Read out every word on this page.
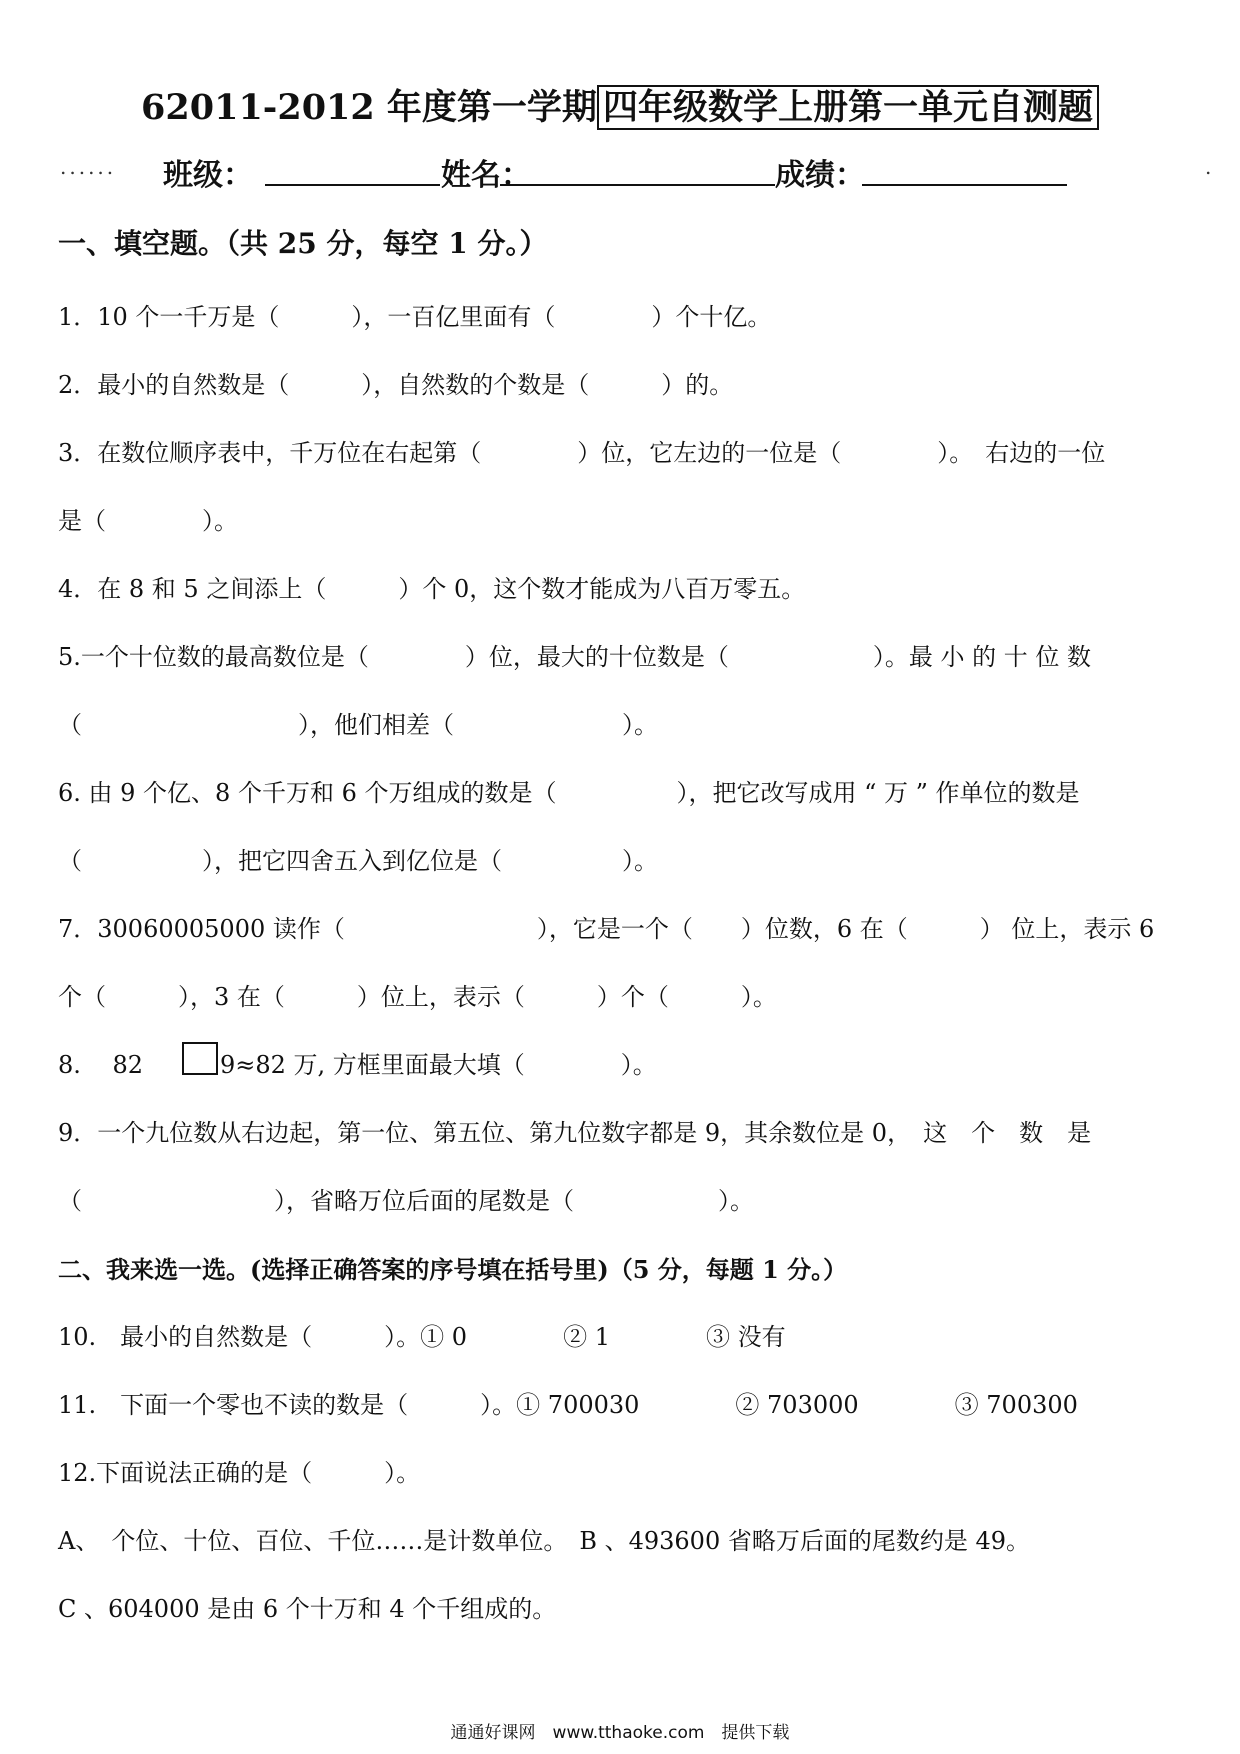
62011-2012 年度第一学期 四年级数学上册第一单元自测题
......	.
班级：	姓名：	成绩：
一、填空题。（共 25 分，每空 1 分。）
1．10 个一千万是（　　　），一百亿里面有（　　　　）个十亿。
2．最小的自然数是（　　　），自然数的个数是（　　　）的。
3．在数位顺序表中，千万位在右起第（　　　　）位，它左边的一位是（　　　　）。　右边的一位
是（　　　　）。
4．在 8 和 5 之间添上（　　　）个 0，这个数才能成为八百万零五。
5.一个十位数的最高数位是（　　　　）位，最大的十位数是（　　　　　　）。最 小 的 十 位 数
（　　　　　　　　　），他们相差（　　　　　　　）。
6. 由 9 个亿、8 个千万和 6 个万组成的数是（　　　　　），把它改写成用 “ 万 ” 作单位的数是
（　　　　　），把它四舍五入到亿位是（　　　　　）。
7．30060005000 读作（　　　　　　　　），它是一个（　　）位数，6 在（　　　） 位上，表示 6
个（　　　），3 在（　　　）位上，表示（　　　）个（　　　）。
8.　 82	9≈82 万, 方框里面最大填（　　　　）。
9．一个九位数从右边起，第一位、第五位、第九位数字都是 9，其余数位是 0，　这　个　数　是
（　　　　　　　　），省略万位后面的尾数是（　　　　　　）。
二、我来选一选。(选择正确答案的序号填在括号里)（5 分，每题 1 分。）
10.　最小的自然数是（　　　）。① 0　　　　② 1　　　　③ 没有
11.　下面一个零也不读的数是（　　　）。① 700030　　　　② 703000　　　　③ 700300
12.下面说法正确的是（　　　）。
A、　个位、十位、百位、千位……是计数单位。　B 、493600 省略万后面的尾数约是 49。
C 、604000 是由 6 个十万和 4 个千组成的。
通通好课网　www.tthaoke.com　提供下载
